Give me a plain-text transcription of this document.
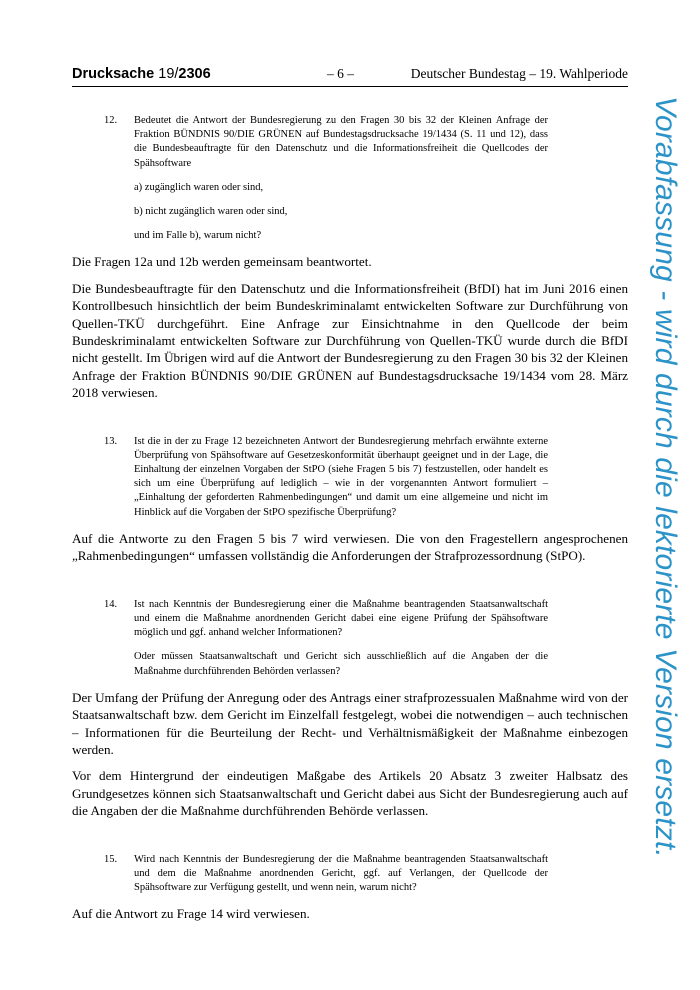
Drucksache 19/2306	– 6 –	Deutscher Bundestag – 19. Wahlperiode
12. Bedeutet die Antwort der Bundesregierung zu den Fragen 30 bis 32 der Kleinen Anfrage der Fraktion BÜNDNIS 90/DIE GRÜNEN auf Bundestagsdrucksache 19/1434 (S. 11 und 12), dass die Bundesbeauftragte für den Datenschutz und die Informationsfreiheit die Quellcodes der Spähsoftware

a) zugänglich waren oder sind,

b) nicht zugänglich waren oder sind,

und im Falle b), warum nicht?

Die Fragen 12a und 12b werden gemeinsam beantwortet.

Die Bundesbeauftragte für den Datenschutz und die Informationsfreiheit (BfDI) hat im Juni 2016 einen Kontrollbesuch hinsichtlich der beim Bundeskriminalamt entwickelten Software zur Durchführung von Quellen-TKÜ durchgeführt. Eine Anfrage zur Einsichtnahme in den Quellcode der beim Bundeskriminalamt entwickelten Software zur Durchführung von Quellen-TKÜ wurde durch die BfDI nicht gestellt. Im Übrigen wird auf die Antwort der Bundesregierung zu den Fragen 30 bis 32 der Kleinen Anfrage der Fraktion BÜNDNIS 90/DIE GRÜNEN auf Bundestagsdrucksache 19/1434 vom 28. März 2018 verwiesen.

13. Ist die in der zu Frage 12 bezeichneten Antwort der Bundesregierung mehrfach erwähnte externe Überprüfung von Spähsoftware auf Gesetzeskonformität überhaupt geeignet und in der Lage, die Einhaltung der einzelnen Vorgaben der StPO (siehe Fragen 5 bis 7) festzustellen, oder handelt es sich um eine Überprüfung auf lediglich – wie in der vorgenannten Antwort formuliert – „Einhaltung der geforderten Rahmenbedingungen“ und damit um eine allgemeine und nicht im Hinblick auf die Vorgaben der StPO spezifische Überprüfung?

Auf die Antworte zu den Fragen 5 bis 7 wird verwiesen. Die von den Fragestellern angesprochenen „Rahmenbedingungen“ umfassen vollständig die Anforderungen der Strafprozessordnung (StPO).

14. Ist nach Kenntnis der Bundesregierung einer die Maßnahme beantragenden Staatsanwaltschaft und einem die Maßnahme anordnenden Gericht dabei eine eigene Prüfung der Spähsoftware möglich und ggf. anhand welcher Informationen?

Oder müssen Staatsanwaltschaft und Gericht sich ausschließlich auf die Angaben der die Maßnahme durchführenden Behörden verlassen?

Der Umfang der Prüfung der Anregung oder des Antrags einer strafprozessualen Maßnahme wird von der Staatsanwaltschaft bzw. dem Gericht im Einzelfall festgelegt, wobei die notwendigen – auch technischen – Informationen für die Beurteilung der Recht- und Verhältnismäßigkeit der Maßnahme einbezogen werden.

Vor dem Hintergrund der eindeutigen Maßgabe des Artikels 20 Absatz 3 zweiter Halbsatz des Grundgesetzes können sich Staatsanwaltschaft und Gericht dabei aus Sicht der Bundesregierung auch auf die Angaben der die Maßnahme durchführenden Behörde verlassen.

15. Wird nach Kenntnis der Bundesregierung der die Maßnahme beantragenden Staatsanwaltschaft und dem die Maßnahme anordnenden Gericht, ggf. auf Verlangen, der Quellcode der Spähsoftware zur Verfügung gestellt, und wenn nein, warum nicht?

Auf die Antwort zu Frage 14 wird verwiesen.

Vorabfassung - wird durch die lektorierte Version ersetzt.
